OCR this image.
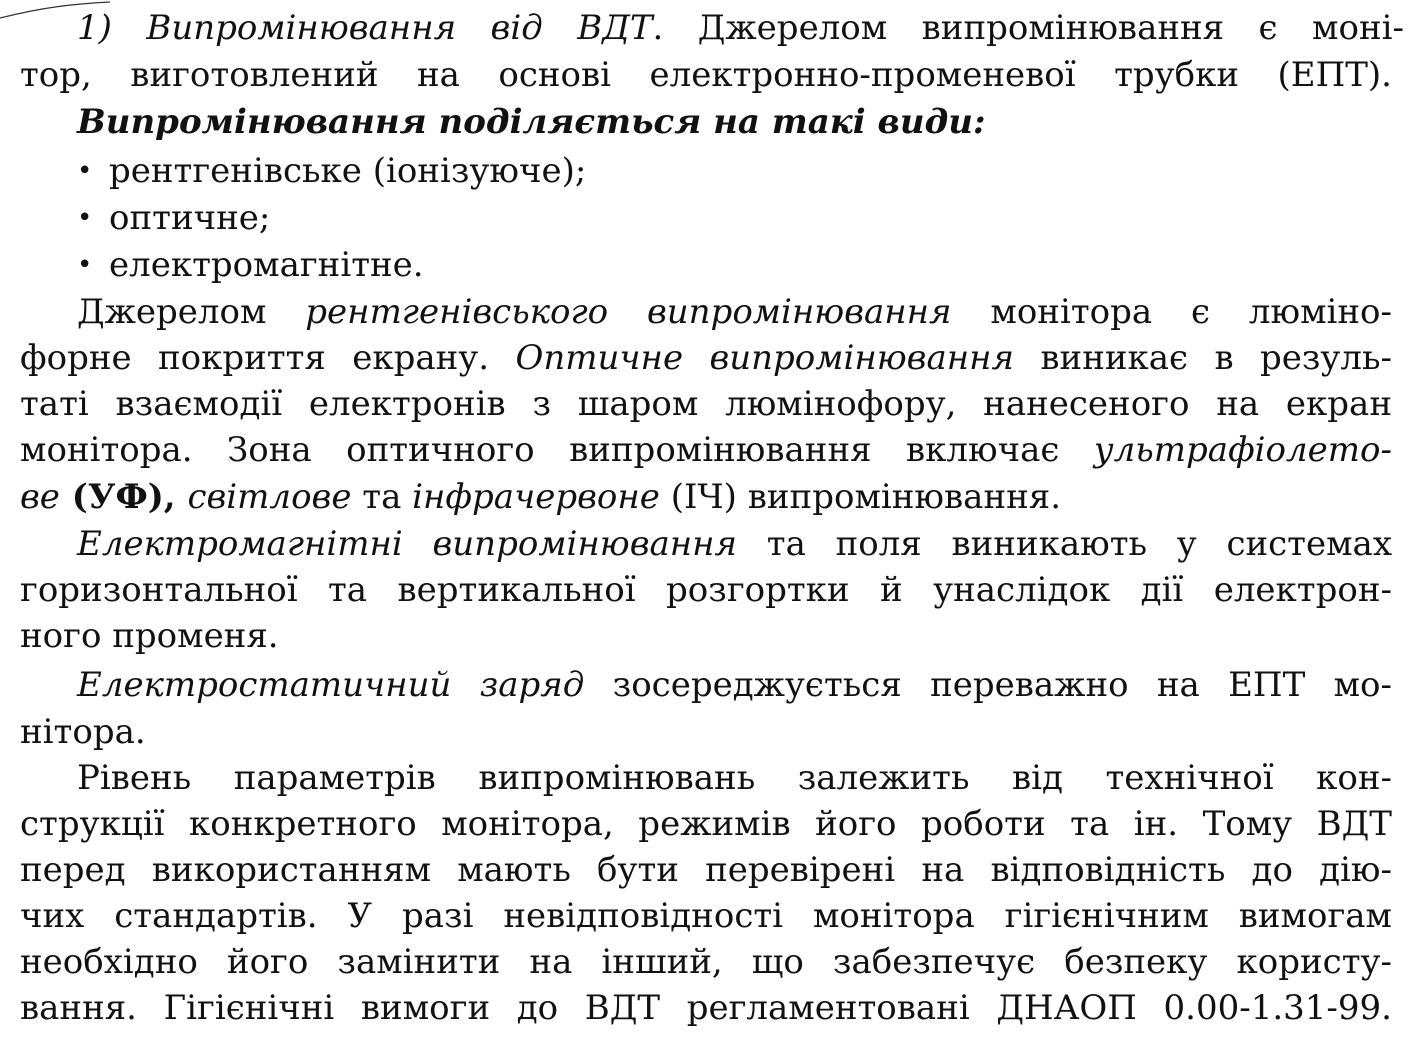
1) Випромінювання від ВДТ. Джерелом випромінювання є моні-
тор, виготовлений на основі електронно-променевої трубки (ЕПТ).
Випромінювання поділяється на такі види:
• рентгенівське (іонізуюче);
• оптичне;
• електромагнітне.
Джерелом рентгенівського випромінювання монітора є люміно-
форне покриття екрану. Оптичне випромінювання виникає в резуль-
таті взаємодії електронів з шаром люмінофору, нанесеного на екран
монітора. Зона оптичного випромінювання включає ультрафіолето-
ве (УФ), світлове та інфрачервоне (ІЧ) випромінювання.
Електромагнітні випромінювання та поля виникають у системах
горизонтальної та вертикальної розгортки й унаслідок дії електрон-
ного променя.
Електростатичний заряд зосереджується переважно на ЕПТ мо-
нітора.
Рівень параметрів випромінювань залежить від технічної кон-
струкції конкретного монітора, режимів його роботи та ін. Тому ВДТ
перед використанням мають бути перевірені на відповідність до дію-
чих стандартів. У разі невідповідності монітора гігієнічним вимогам
необхідно його замінити на інший, що забезпечує безпеку користу-
вання. Гігієнічні вимоги до ВДТ регламентовані ДНАОП 0.00-1.31-99.
